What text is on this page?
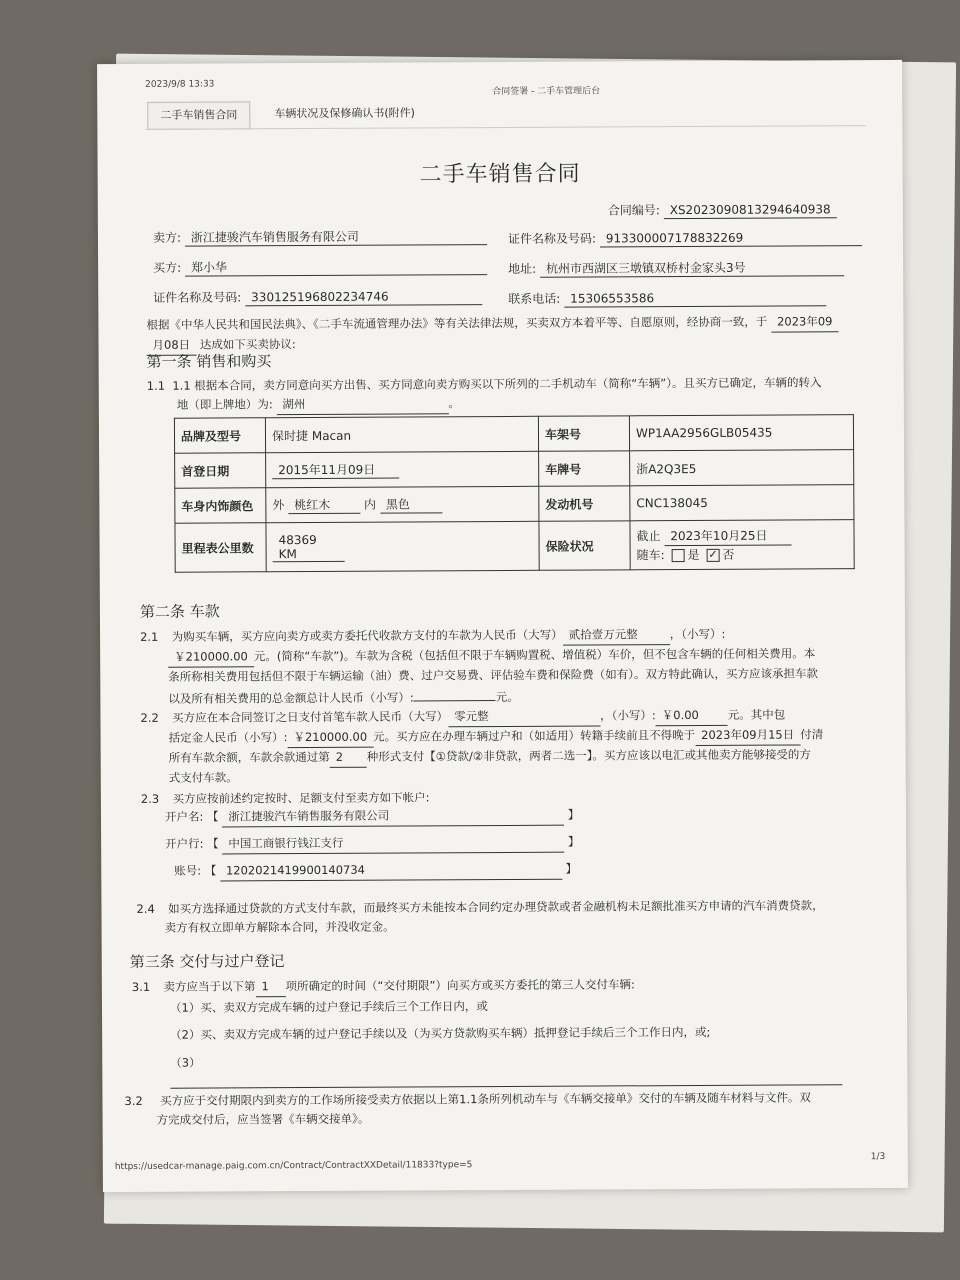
2023/9/8 13:33
合同签署 - 二手车管理后台
二手车销售合同	车辆状况及保修确认书(附件)
二手车销售合同
合同编号: XS2023090813294640938
卖方: 浙江捷骏汽车销售服务有限公司	证件名称及号码: 913300007178832269
买方: 郑小华	地址: 杭州市西湖区三墩镇双桥村金家头3号
证件名称及号码: 330125196802234746	联系电话: 15306553586
根据《中华人民共和国民法典》、《二手车流通管理办法》等有关法律法规，买卖双方本着平等、自愿原则，经协商一致，于 2023年09
月08日 达成如下买卖协议:
第一条 销售和购买
1.1 1.1 根据本合同，卖方同意向买方出售、买方同意向卖方购买以下所列的二手机动车（简称“车辆”）。且买方已确定，车辆的转入
地（即上牌地）为: 湖州	。
品牌及型号	保时捷 Macan	车架号	WP1AA2956GLB05435
首登日期	2015年11月09日	车牌号	浙A2Q3E5
车身内饰颜色	外 桃红木 内 黑色	发动机号	CNC138045
里程表公里数	48369 KM	保险状况	截止 2023年10月25日
随车: 是 ✓ 否
第二条 车款
2.1 为购买车辆，买方应向卖方或卖方委托代收款方支付的车款为人民币（大写） 贰拾壹万元整	，（小写）:
￥210000.00 元。(简称“车款”)。车款为含税（包括但不限于车辆购置税、增值税）车价，但不包含车辆的任何相关费用。本
条所称相关费用包括但不限于车辆运输（油）费、过户交易费、评估验车费和保险费（如有）。双方特此确认，买方应该承担车款
以及所有相关费用的总金额总计人民币（小写）:	元。
2.2 买方应在本合同签订之日支付首笔车款人民币（大写） 零元整	，（小写）: ￥0.00	元。其中包
括定金人民币（小写）: ￥210000.00 元。买方应在办理车辆过户和（如适用）转籍手续前且不得晚于 2023年09月15日 付清
所有车款余额，车款余款通过第 2 种形式支付【①贷款/②非贷款，两者二选一】。买方应该以电汇或其他卖方能够接受的方
式支付车款。
2.3 买方应按前述约定按时、足额支付至卖方如下帐户:
开户名: 【 浙江捷骏汽车销售服务有限公司	】
开户行: 【 中国工商银行钱江支行	】
账号: 【 1202021419900140734	】
2.4 如买方选择通过贷款的方式支付车款，而最终买方未能按本合同约定办理贷款或者金融机构未足额批准买方申请的汽车消费贷款，
卖方有权立即单方解除本合同，并没收定金。
第三条 交付与过户登记
3.1 卖方应当于以下第 1 项所确定的时间（“交付期限”）向买方或买方委托的第三人交付车辆:
（1）买、卖双方完成车辆的过户登记手续后三个工作日内，或
（2）买、卖双方完成车辆的过户登记手续以及（为买方贷款购买车辆）抵押登记手续后三个工作日内，或;
（3）
3.2 买方应于交付期限内到卖方的工作场所接受卖方依据以上第1.1条所列机动车与《车辆交接单》交付的车辆及随车材料与文件。双
方完成交付后，应当签署《车辆交接单》。
https://usedcar-manage.paig.com.cn/Contract/ContractXXDetail/11833?type=5
1/3
